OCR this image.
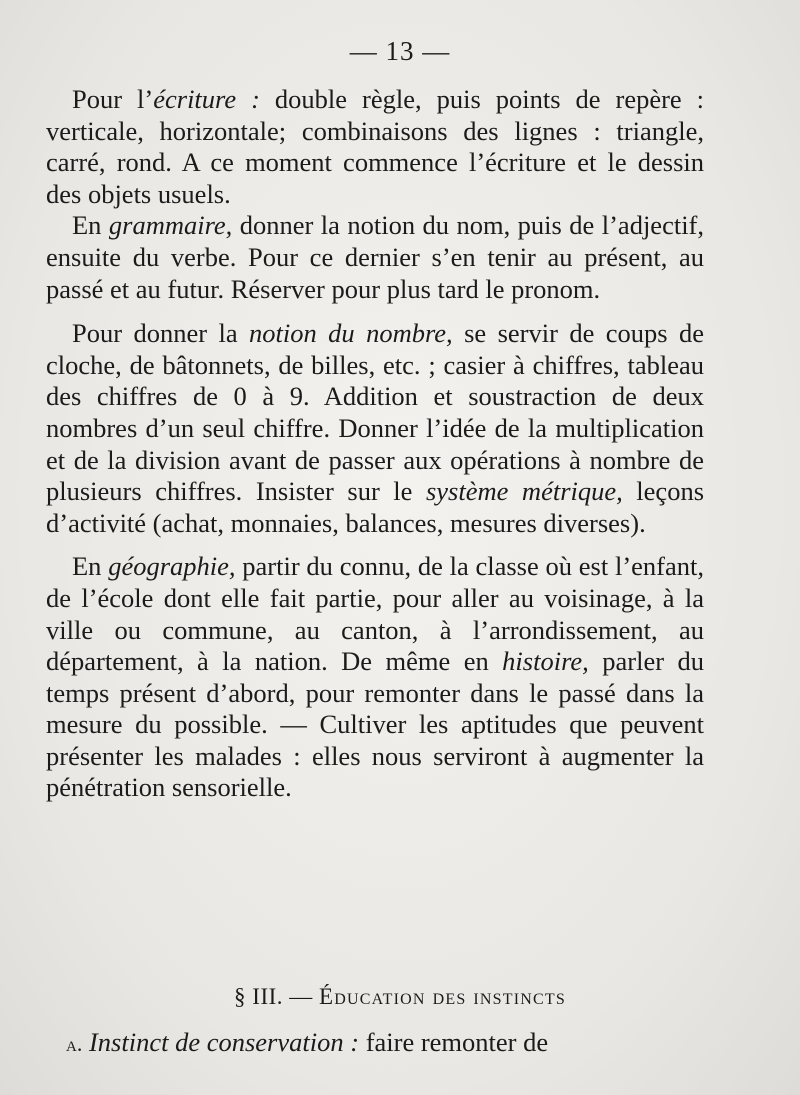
— 13 —

Pour l’écriture : double règle, puis points de repère : verticale, horizontale; combinaisons des lignes : triangle, carré, rond. A ce moment commence l’écriture et le dessin des objets usuels.

En grammaire, donner la notion du nom, puis de l’adjectif, ensuite du verbe. Pour ce dernier s’en tenir au présent, au passé et au futur. Réserver pour plus tard le pronom.

Pour donner la notion du nombre, se servir de coups de cloche, de bâtonnets, de billes, etc. ; casier à chiffres, tableau des chiffres de 0 à 9. Addition et soustraction de deux nombres d’un seul chiffre. Donner l’idée de la multiplication et de la division avant de passer aux opérations à nombre de plusieurs chiffres. Insister sur le système métrique, leçons d’activité (achat, monnaies, balances, mesures diverses).

En géographie, partir du connu, de la classe où est l’enfant, de l’école dont elle fait partie, pour aller au voisinage, à la ville ou commune, au canton, à l’arrondissement, au département, à la nation. De même en histoire, parler du temps présent d’abord, pour remonter dans le passé dans la mesure du possible. — Cultiver les aptitudes que peuvent présenter les malades : elles nous serviront à augmenter la pénétration sensorielle.

§ III. — Éducation des instincts
a. Instinct de conservation : faire remonter de
